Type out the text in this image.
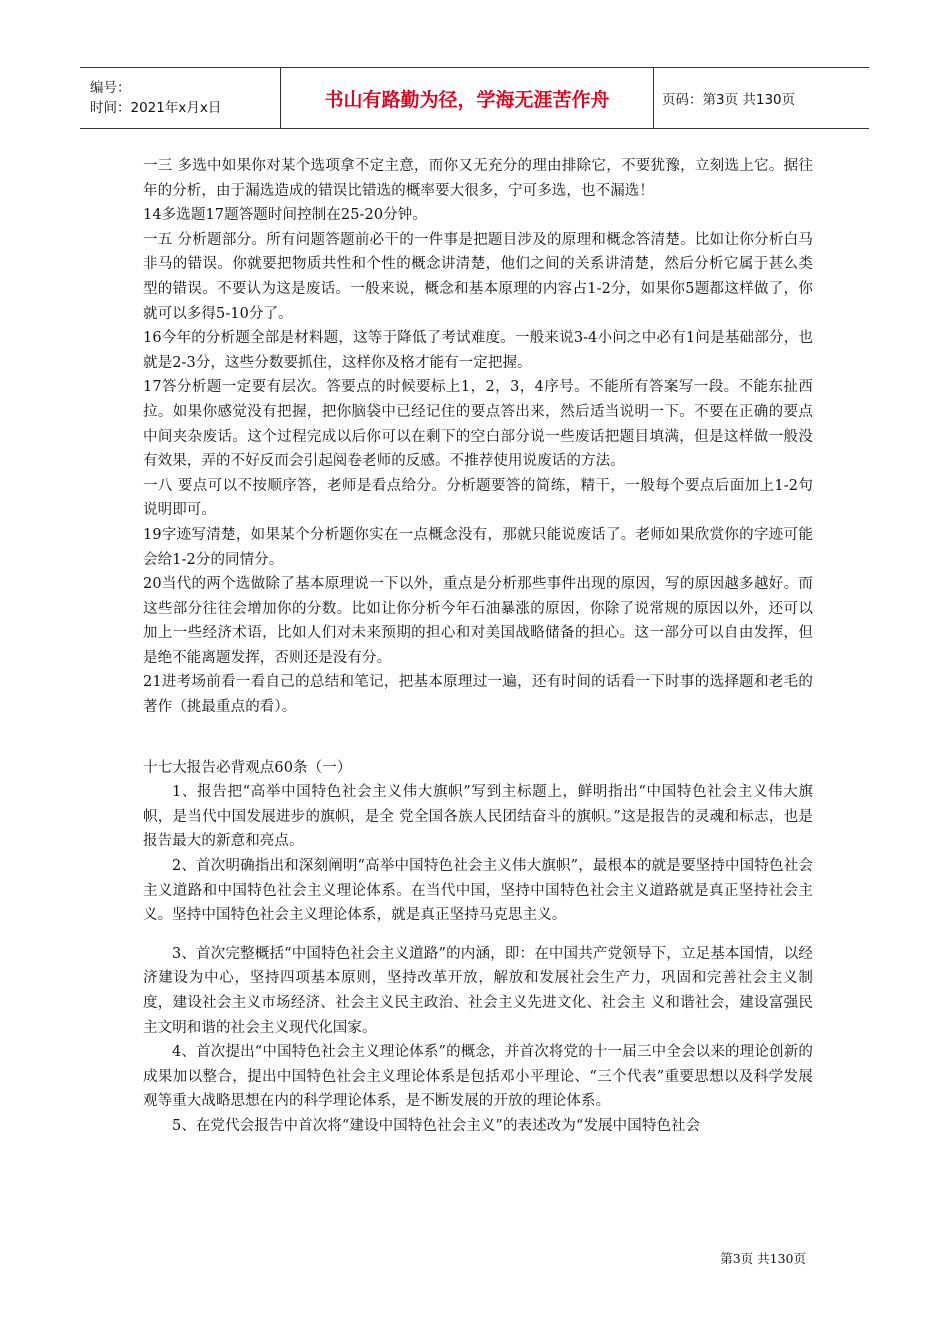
编号：
时间：2021年x月x日	书山有路勤为径，学海无涯苦作舟	页码：第3页 共130页

一三 多选中如果你对某个选项拿不定主意，而你又无充分的理由排除它，不要犹豫，立刻选上它。据往年的分析，由于漏选造成的错误比错选的概率要大很多，宁可多选，也不漏选！

14多选题17题答题时间控制在25-20分钟。

一五 分析题部分。所有问题答题前必干的一件事是把题目涉及的原理和概念答清楚。比如让你分析白马非马的错误。你就要把物质共性和个性的概念讲清楚，他们之间的关系讲清楚，然后分析它属于甚么类型的错误。不要认为这是废话。一般来说，概念和基本原理的内容占1-2分，如果你5题都这样做了，你就可以多得5-10分了。

16今年的分析题全部是材料题，这等于降低了考试难度。一般来说3-4小问之中必有1问是基础部分，也就是2-3分，这些分数要抓住，这样你及格才能有一定把握。

17答分析题一定要有层次。答要点的时候要标上1，2，3，4序号。不能所有答案写一段。不能东扯西拉。如果你感觉没有把握，把你脑袋中已经记住的要点答出来，然后适当说明一下。不要在正确的要点中间夹杂废话。这个过程完成以后你可以在剩下的空白部分说一些废话把题目填满，但是这样做一般没有效果，弄的不好反而会引起阅卷老师的反感。不推荐使用说废话的方法。

一八 要点可以不按顺序答，老师是看点给分。分析题要答的简练，精干，一般每个要点后面加上1-2句说明即可。

19字迹写清楚，如果某个分析题你实在一点概念没有，那就只能说废话了。老师如果欣赏你的字迹可能会给1-2分的同情分。

20当代的两个选做除了基本原理说一下以外，重点是分析那些事件出现的原因，写的原因越多越好。而这些部分往往会增加你的分数。比如让你分析今年石油暴涨的原因，你除了说常规的原因以外，还可以加上一些经济术语，比如人们对未来预期的担心和对美国战略储备的担心。这一部分可以自由发挥，但是绝不能离题发挥，否则还是没有分。

21进考场前看一看自己的总结和笔记，把基本原理过一遍，还有时间的话看一下时事的选择题和老毛的著作（挑最重点的看）。

十七大报告必背观点60条（一）

1、报告把“高举中国特色社会主义伟大旗帜”写到主标题上，鲜明指出“中国特色社会主义伟大旗帜，是当代中国发展进步的旗帜，是全 党全国各族人民团结奋斗的旗帜。”这是报告的灵魂和标志，也是报告最大的新意和亮点。

2、首次明确指出和深刻阐明“高举中国特色社会主义伟大旗帜”，最根本的就是要坚持中国特色社会主义道路和中国特色社会主义理论体系。在当代中国，坚持中国特色社会主义道路就是真正坚持社会主义。坚持中国特色社会主义理论体系，就是真正坚持马克思主义。

3、首次完整概括“中国特色社会主义道路”的内涵，即：在中国共产党领导下，立足基本国情，以经济建设为中心，坚持四项基本原则，坚持改革开放，解放和发展社会生产力，巩固和完善社会主义制度，建设社会主义市场经济、社会主义民主政治、社会主义先进文化、社会主 义和谐社会，建设富强民主文明和谐的社会主义现代化国家。

4、首次提出“中国特色社会主义理论体系”的概念，并首次将党的十一届三中全会以来的理论创新的成果加以整合，提出中国特色社会主义理论体系是包括邓小平理论、“三个代表”重要思想以及科学发展观等重大战略思想在内的科学理论体系，是不断发展的开放的理论体系。

5、在党代会报告中首次将“建设中国特色社会主义”的表述改为“发展中国特色社会

第3页 共130页
